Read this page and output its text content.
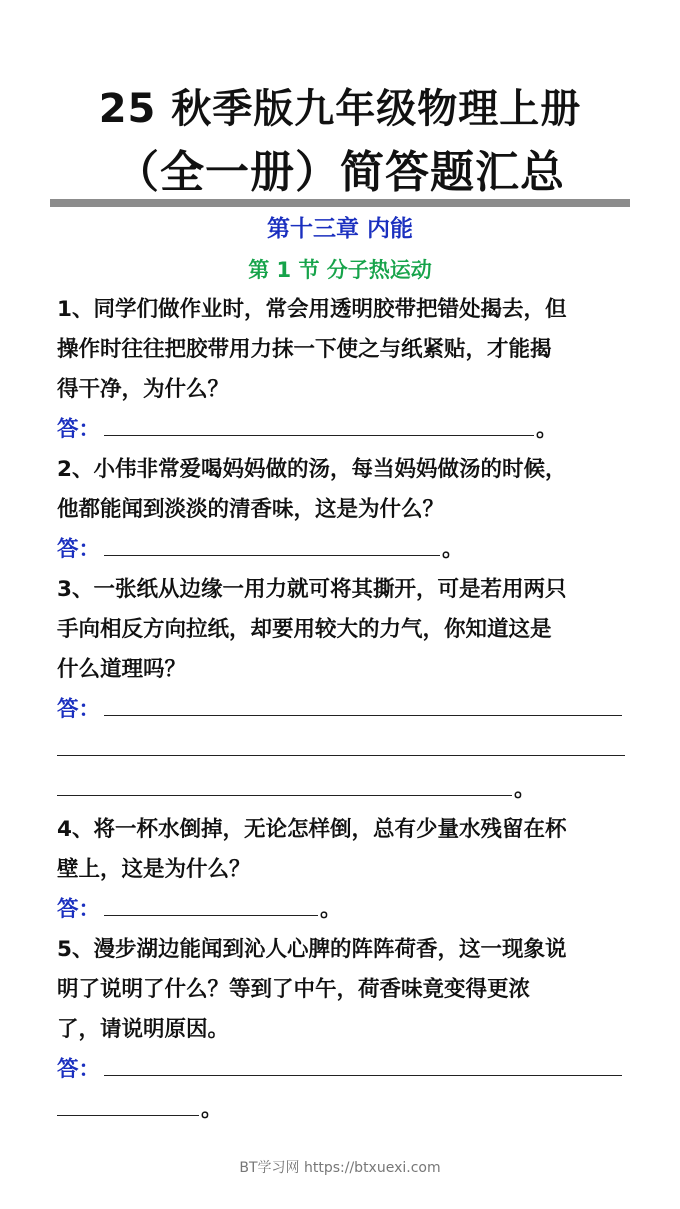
25 秋季版九年级物理上册
（全一册）简答题汇总
第十三章 内能
第 1 节 分子热运动
1、同学们做作业时，常会用透明胶带把错处揭去，但
操作时往往把胶带用力抹一下使之与纸紧贴，才能揭
得干净，为什么？
答：	。
2、小伟非常爱喝妈妈做的汤，每当妈妈做汤的时候，
他都能闻到淡淡的清香味，这是为什么？
答：	。
3、一张纸从边缘一用力就可将其撕开，可是若用两只
手向相反方向拉纸，却要用较大的力气，你知道这是
什么道理吗？
答：
。
4、将一杯水倒掉，无论怎样倒，总有少量水残留在杯
壁上，这是为什么？
答：	。
5、漫步湖边能闻到沁人心脾的阵阵荷香，这一现象说
明了说明了什么？等到了中午，荷香味竟变得更浓
了，请说明原因。
答：
。
BT学习网 https://btxuexi.com
